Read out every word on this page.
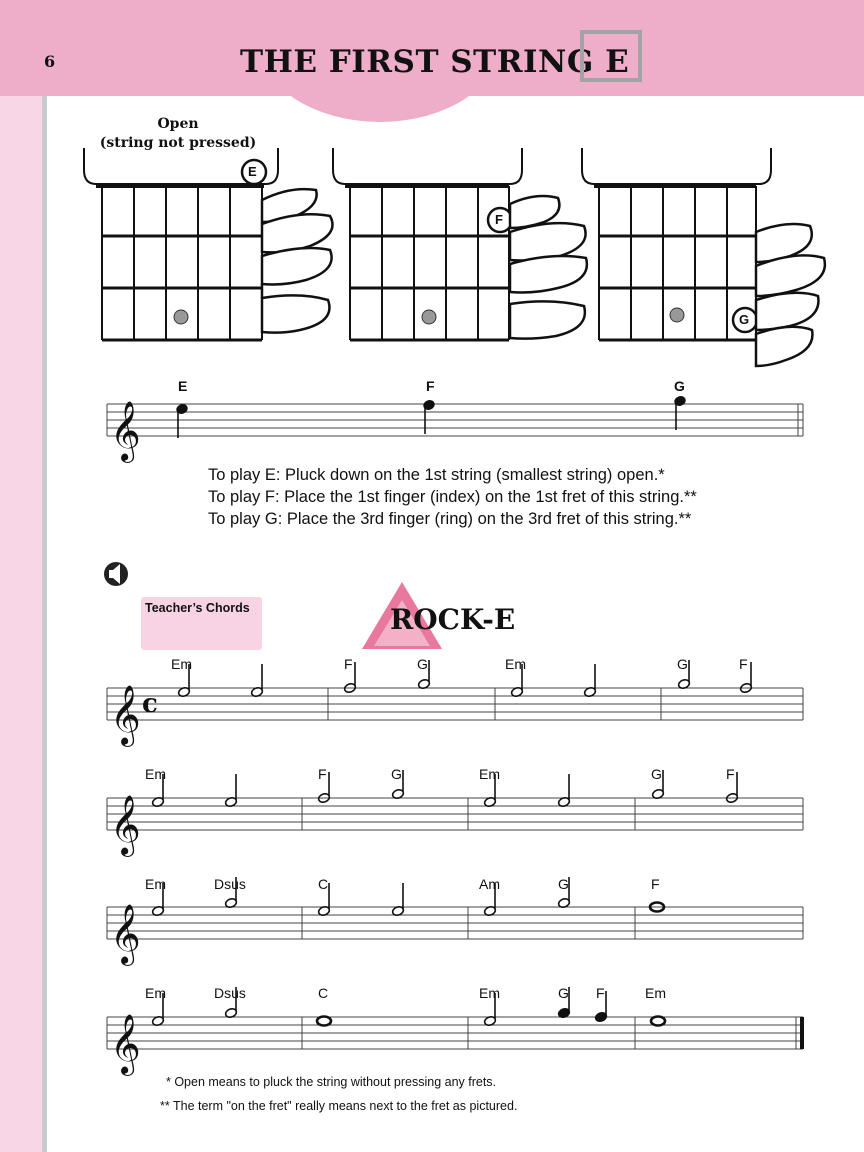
6	THE FIRST STRING E
Open
(string not pressed)
𝄞
𝄞
𝄞
𝄞
𝄞
c
E
F
G
E	F	G
To play E: Pluck down on the 1st string (smallest string) open.*
To play F: Place the 1st finger (index) on the 1st fret of this string.**
To play G: Place the 3rd finger (ring) on the 3rd fret of this string.**
Teacher’s Chords	ROCK-E
Em	F	G	Em	G	F
Em	F	G	Em	G	F
Em	Dsus	C	Am	G	F
Em	Dsus	C	Em	G F	Em
* Open means to pluck the string without pressing any frets.
** The term "on the fret" really means next to the fret as pictured.
